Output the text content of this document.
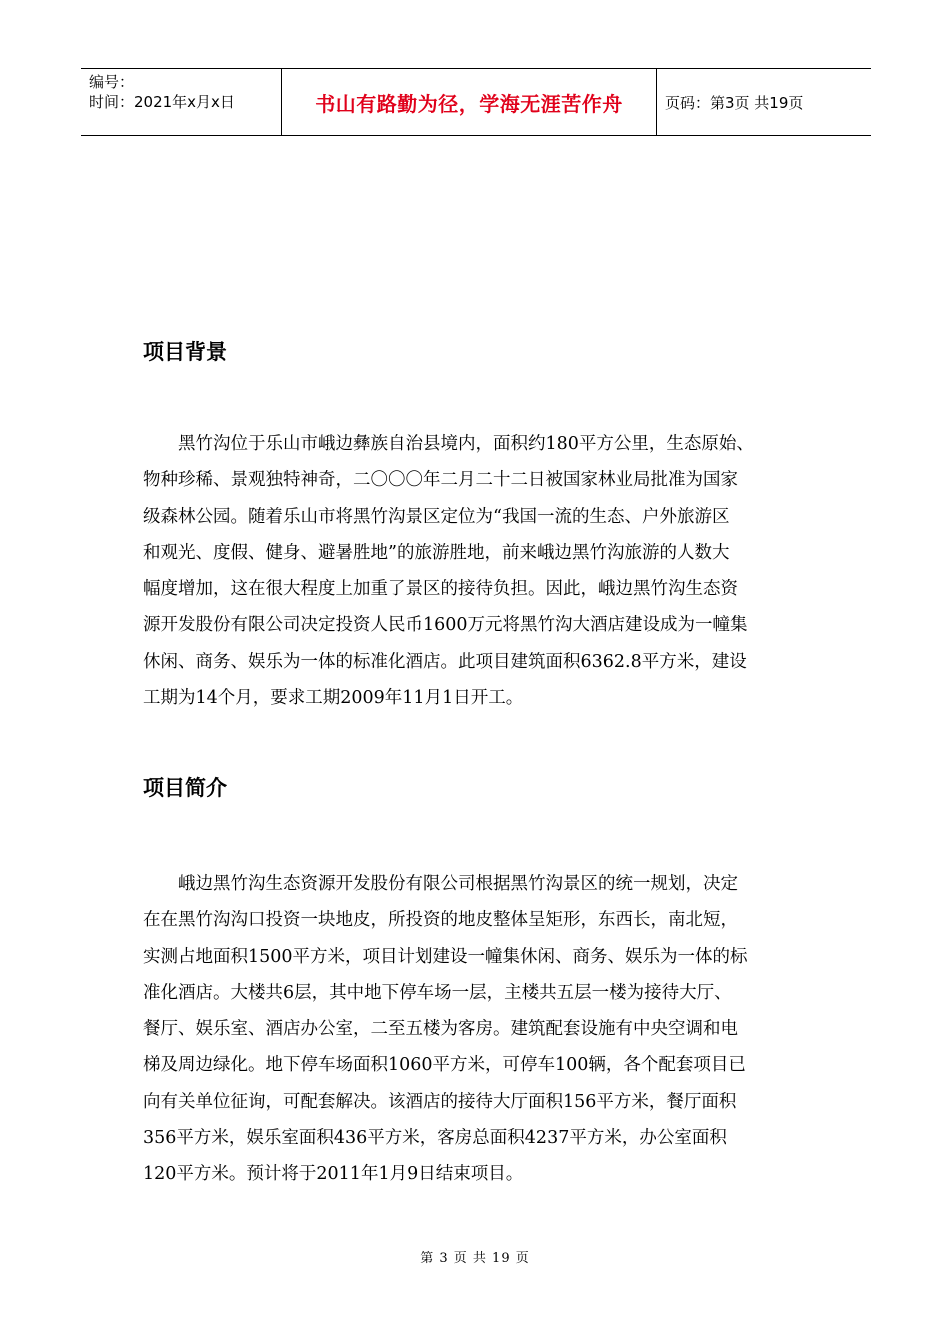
编号：
时间：2021年x月x日	书山有路勤为径，学海无涯苦作舟	页码：第3页 共19页
项目背景
黑竹沟位于乐山市峨边彝族自治县境内，面积约180平方公里，生态原始、
物种珍稀、景观独特神奇，二〇〇〇年二月二十二日被国家林业局批准为国家
级森林公园。随着乐山市将黑竹沟景区定位为“我国一流的生态、户外旅游区
和观光、度假、健身、避暑胜地”的旅游胜地，前来峨边黑竹沟旅游的人数大
幅度增加，这在很大程度上加重了景区的接待负担。因此，峨边黑竹沟生态资
源开发股份有限公司决定投资人民币1600万元将黑竹沟大酒店建设成为一幢集
休闲、商务、娱乐为一体的标准化酒店。此项目建筑面积6362.8平方米，建设
工期为14个月，要求工期2009年11月1日开工。
项目简介
峨边黑竹沟生态资源开发股份有限公司根据黑竹沟景区的统一规划，决定
在在黑竹沟沟口投资一块地皮，所投资的地皮整体呈矩形，东西长，南北短，
实测占地面积1500平方米，项目计划建设一幢集休闲、商务、娱乐为一体的标
准化酒店。大楼共6层，其中地下停车场一层，主楼共五层一楼为接待大厅、
餐厅、娱乐室、酒店办公室，二至五楼为客房。建筑配套设施有中央空调和电
梯及周边绿化。地下停车场面积1060平方米，可停车100辆，各个配套项目已
向有关单位征询，可配套解决。该酒店的接待大厅面积156平方米，餐厅面积
356平方米，娱乐室面积436平方米，客房总面积4237平方米，办公室面积
120平方米。预计将于2011年1月9日结束项目。
第 3 页 共 19 页
